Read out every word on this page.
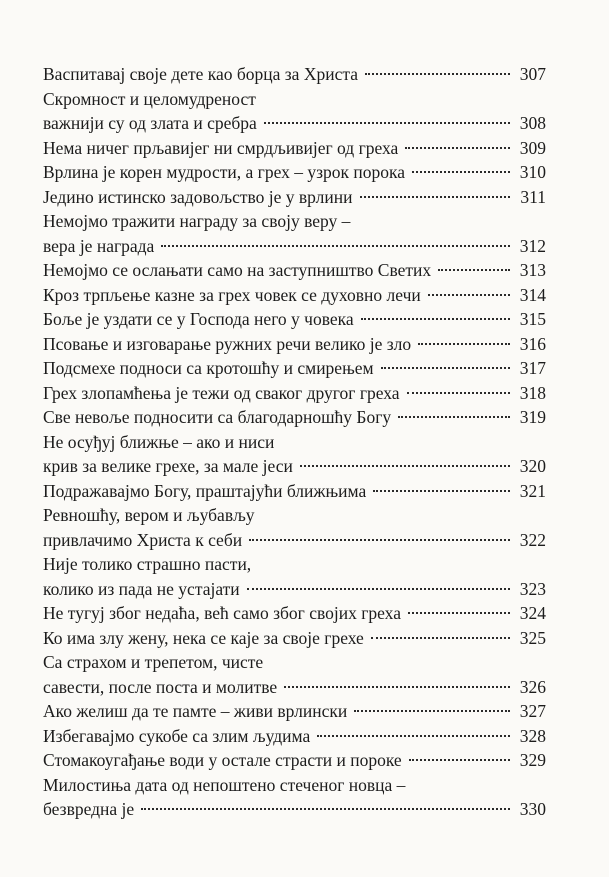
Васпитавај своје дете као борца за Христа	307
Скромност и целомудреност
важнији су од злата и сребра	308
Нема ничег прљавијег ни смрдљивијег од греха	309
Врлина је корен мудрости, а грех – узрок порока	310
Једино истинско задовољство је у врлини	311
Немојмо тражити награду за своју веру –
вера је награда	312
Немојмо се ослањати само на заступништво Светих	313
Кроз трпљење казне за грех човек се духовно лечи	314
Боље је уздати се у Господа него у човека	315
Псовање и изговарање ружних речи велико је зло	316
Подсмехе подноси са кротошћу и смирењем	317
Грех злопамћења је тежи од сваког другог греха	318
Све невоље подносити са благодарношћу Богу	319
Не осуђуј ближње – ако и ниси
крив за велике грехе, за мале јеси	320
Подражавајмо Богу, праштајући ближњима	321
Ревношћу, вером и љубављу
привлачимо Христа к себи	322
Није толико страшно пасти,
колико из пада не устајати	323
Не тугуј због недаћа, већ само због својих греха	324
Ко има злу жену, нека се каје за своје грехе	325
Са страхом и трепетом, чисте
савести, после поста и молитве	326
Ако желиш да те памте – живи врлински	327
Избегавајмо сукобе са злим људима	328
Стомакоугађање води у остале страсти и пороке	329
Милостиња дата од непоштено стеченог новца –
безвредна је	330
